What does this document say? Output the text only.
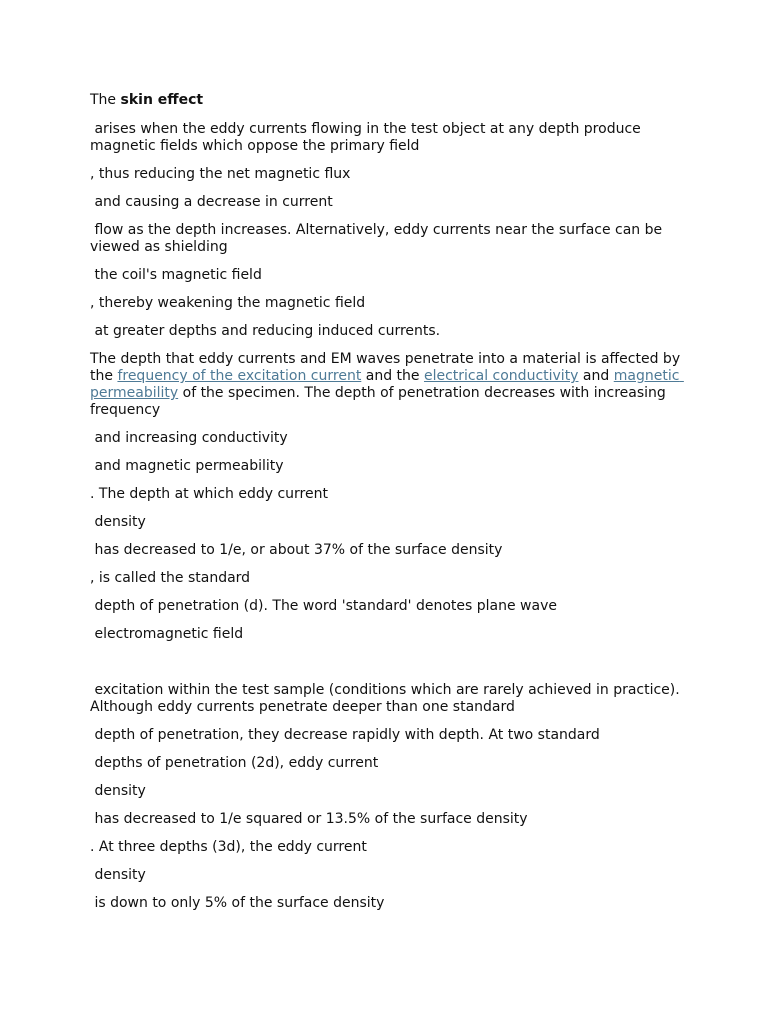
The skin effect
arises when the eddy currents flowing in the test object at any depth produce magnetic fields which oppose the primary field
, thus reducing the net magnetic flux
and causing a decrease in current
flow as the depth increases. Alternatively, eddy currents near the surface can be viewed as shielding
the coil's magnetic field
, thereby weakening the magnetic field
at greater depths and reducing induced currents.
The depth that eddy currents and EM waves penetrate into a material is affected by the frequency of the excitation current and the electrical conductivity and magnetic permeability of the specimen. The depth of penetration decreases with increasing frequency
and increasing conductivity
and magnetic permeability
. The depth at which eddy current
density
has decreased to 1/e, or about 37% of the surface density
, is called the standard
depth of penetration (d). The word 'standard' denotes plane wave
electromagnetic field
excitation within the test sample (conditions which are rarely achieved in practice). Although eddy currents penetrate deeper than one standard
depth of penetration, they decrease rapidly with depth. At two standard
depths of penetration (2d), eddy current
density
has decreased to 1/e squared or 13.5% of the surface density
. At three depths (3d), the eddy current
density
is down to only 5% of the surface density
